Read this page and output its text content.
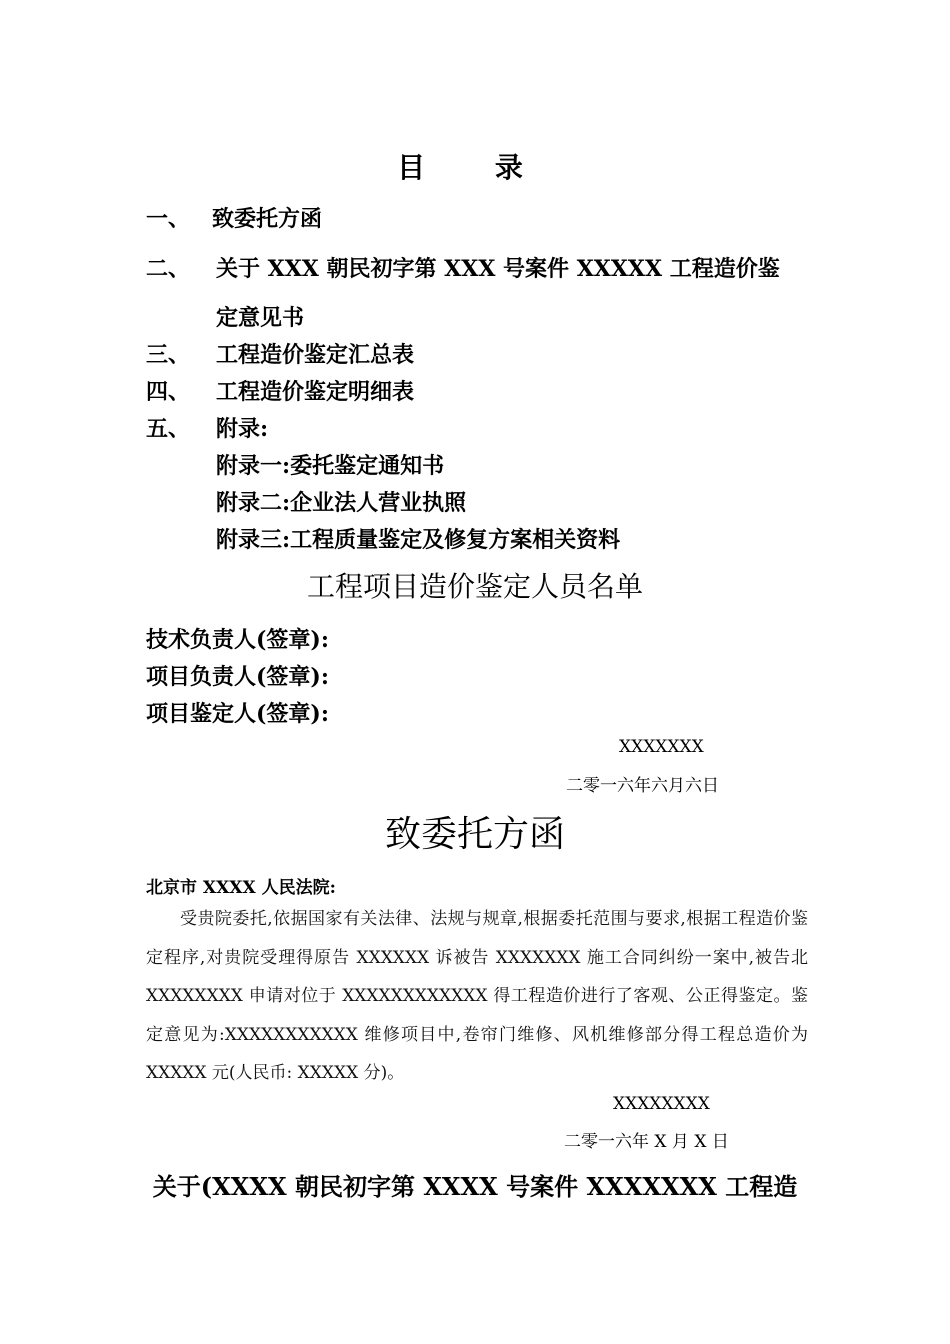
目 录
一、 致委托方函
二、 关于 XXX 朝民初字第 XXX 号案件 XXXXX 工程造价鉴
定意见书
三、 工程造价鉴定汇总表
四、 工程造价鉴定明细表
五、 附录:
附录一:委托鉴定通知书
附录二:企业法人营业执照
附录三:工程质量鉴定及修复方案相关资料
工程项目造价鉴定人员名单
技术负责人(签章):
项目负责人(签章):
项目鉴定人(签章):
XXXXXXX
二零一六年六月六日
致委托方函
北京市 XXXX 人民法院:
受贵院委托,依据国家有关法律、法规与规章,根据委托范围与要求,根据工程造价鉴定程序,对贵院受理得原告 XXXXXX 诉被告 XXXXXXX 施工合同纠纷一案中,被告北 XXXXXXXX 申请对位于 XXXXXXXXXXXX 得工程造价进行了客观、公正得鉴定。鉴定意见为:XXXXXXXXXXX 维修项目中,卷帘门维修、风机维修部分得工程总造价为 XXXXX 元(人民币: XXXXX 分)。
XXXXXXXX
二零一六年 X 月 X 日
关于(XXXX 朝民初字第 XXXX 号案件 XXXXXXX 工程造
